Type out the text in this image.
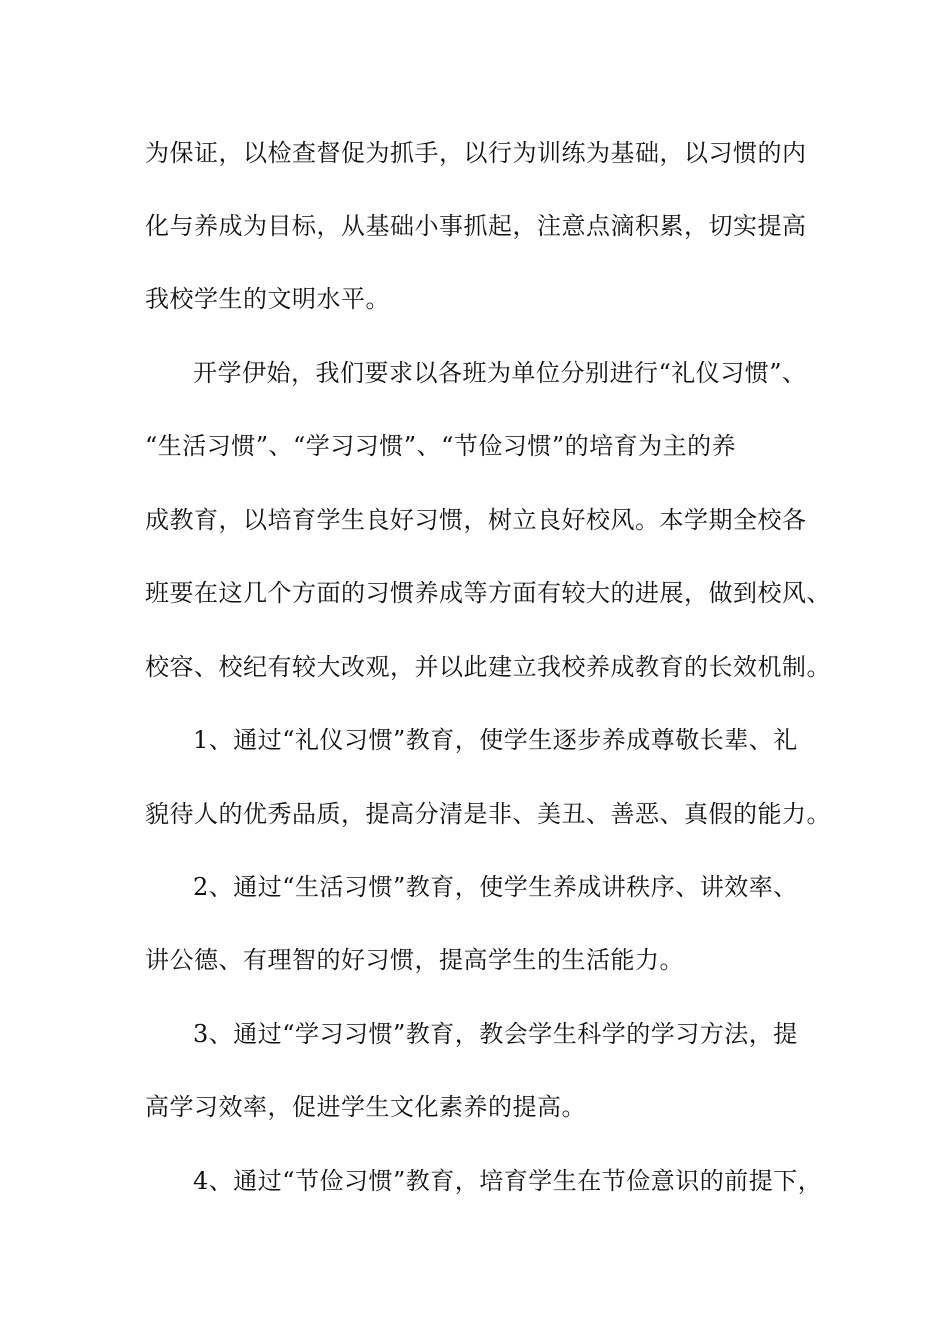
为保证，以检查督促为抓手，以行为训练为基础，以习惯的内
化与养成为目标，从基础小事抓起，注意点滴积累，切实提高
我校学生的文明水平。
开学伊始，我们要求以各班为单位分别进行“礼仪习惯”、
“生活习惯”、“学习习惯”、“节俭习惯”的培育为主的养
成教育，以培育学生良好习惯，树立良好校风。本学期全校各
班要在这几个方面的习惯养成等方面有较大的进展，做到校风、
校容、校纪有较大改观，并以此建立我校养成教育的长效机制。
1、通过“礼仪习惯”教育，使学生逐步养成尊敬长辈、礼
貌待人的优秀品质，提高分清是非、美丑、善恶、真假的能力。
2、通过“生活习惯”教育，使学生养成讲秩序、讲效率、
讲公德、有理智的好习惯，提高学生的生活能力。
3、通过“学习习惯”教育，教会学生科学的学习方法，提
高学习效率，促进学生文化素养的提高。
4、通过“节俭习惯”教育，培育学生在节俭意识的前提下，
